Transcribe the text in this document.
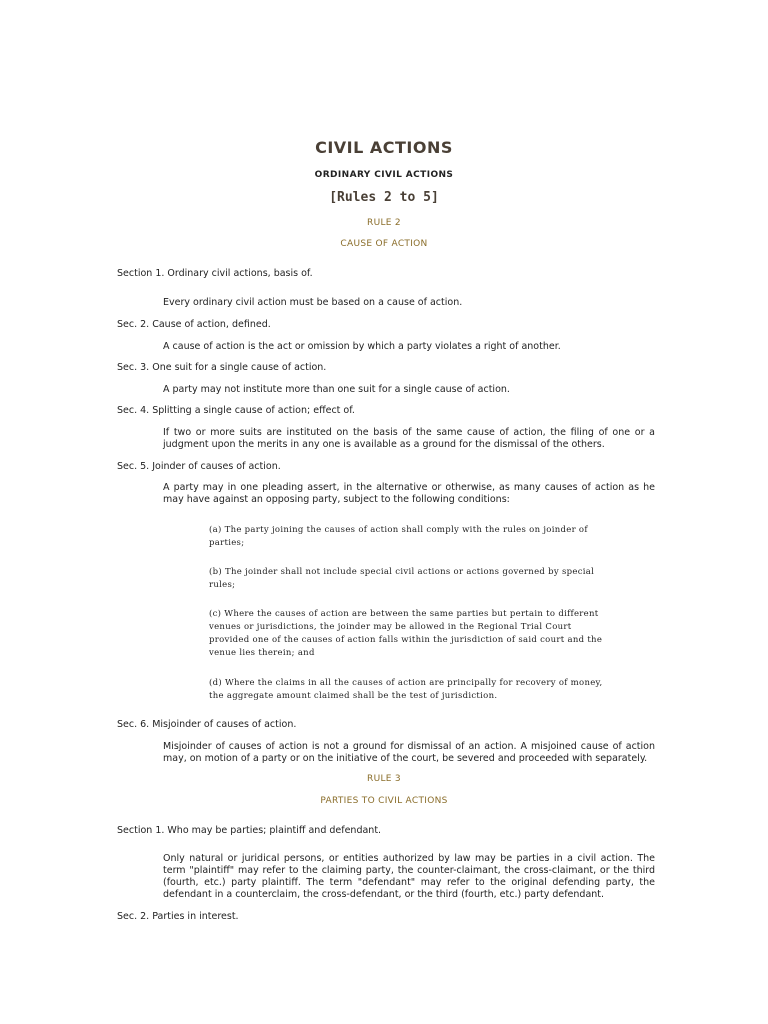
CIVIL ACTIONS
ORDINARY CIVIL ACTIONS
[Rules 2 to 5]
RULE 2
CAUSE OF ACTION
Section 1. Ordinary civil actions, basis of.
Every ordinary civil action must be based on a cause of action.
Sec. 2. Cause of action, defined.
A cause of action is the act or omission by which a party violates a right of another.
Sec. 3. One suit for a single cause of action.
A party may not institute more than one suit for a single cause of action.
Sec. 4. Splitting a single cause of action; effect of.
If two or more suits are instituted on the basis of the same cause of action, the filing of one or a judgment upon the merits in any one is available as a ground for the dismissal of the others.
Sec. 5. Joinder of causes of action.
A party may in one pleading assert, in the alternative or otherwise, as many causes of action as he may have against an opposing party, subject to the following conditions:
(a) The party joining the causes of action shall comply with the rules on joinder of parties;
(b) The joinder shall not include special civil actions or actions governed by special rules;
(c) Where the causes of action are between the same parties but pertain to different venues or jurisdictions, the joinder may be allowed in the Regional Trial Court provided one of the causes of action falls within the jurisdiction of said court and the venue lies therein; and
(d) Where the claims in all the causes of action are principally for recovery of money, the aggregate amount claimed shall be the test of jurisdiction.
Sec. 6. Misjoinder of causes of action.
Misjoinder of causes of action is not a ground for dismissal of an action. A misjoined cause of action may, on motion of a party or on the initiative of the court, be severed and proceeded with separately.
RULE 3
PARTIES TO CIVIL ACTIONS
Section 1. Who may be parties; plaintiff and defendant.
Only natural or juridical persons, or entities authorized by law may be parties in a civil action. The term "plaintiff" may refer to the claiming party, the counter-claimant, the cross-claimant, or the third (fourth, etc.) party plaintiff. The term "defendant" may refer to the original defending party, the defendant in a counterclaim, the cross-defendant, or the third (fourth, etc.) party defendant.
Sec. 2. Parties in interest.
